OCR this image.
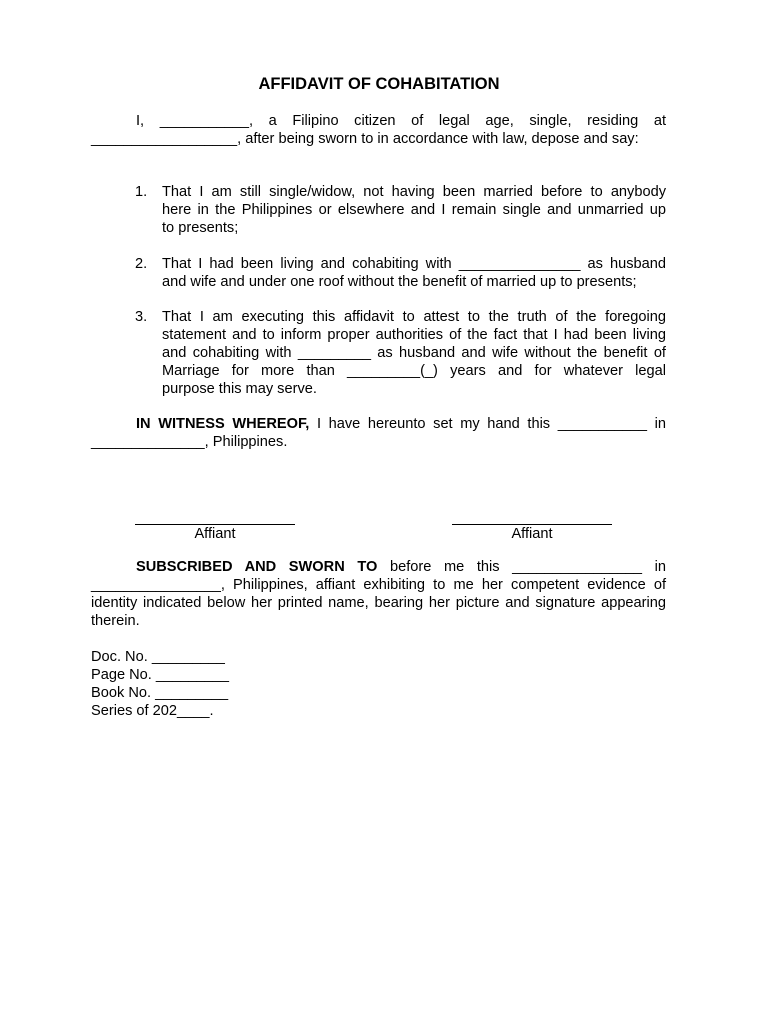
AFFIDAVIT OF COHABITATION
I, ___________, a Filipino citizen of legal age, single, residing at
__________________, after being sworn to in accordance with law, depose and say:
1.	That I am still single/widow, not having been married before to anybody
here in the Philippines or elsewhere and I remain single and unmarried up
to presents;
2.	That I had been living and cohabiting with _______________ as husband
and wife and under one roof without the benefit of married up to presents;
3.	That I am executing this affidavit to attest to the truth of the foregoing
statement and to inform proper authorities of the fact that I had been living
and cohabiting with _________ as husband and wife without the benefit of
Marriage for more than _________(_) years and for whatever legal
purpose this may serve.
IN WITNESS WHEREOF, I have hereunto set my hand this ___________ in
______________, Philippines.
Affiant	Affiant
SUBSCRIBED AND SWORN TO before me this ________________ in
________________, Philippines, affiant exhibiting to me her competent evidence of
identity indicated below her printed name, bearing her picture and signature appearing
therein.
Doc. No. _________
Page No. _________
Book No. _________
Series of 202____.
